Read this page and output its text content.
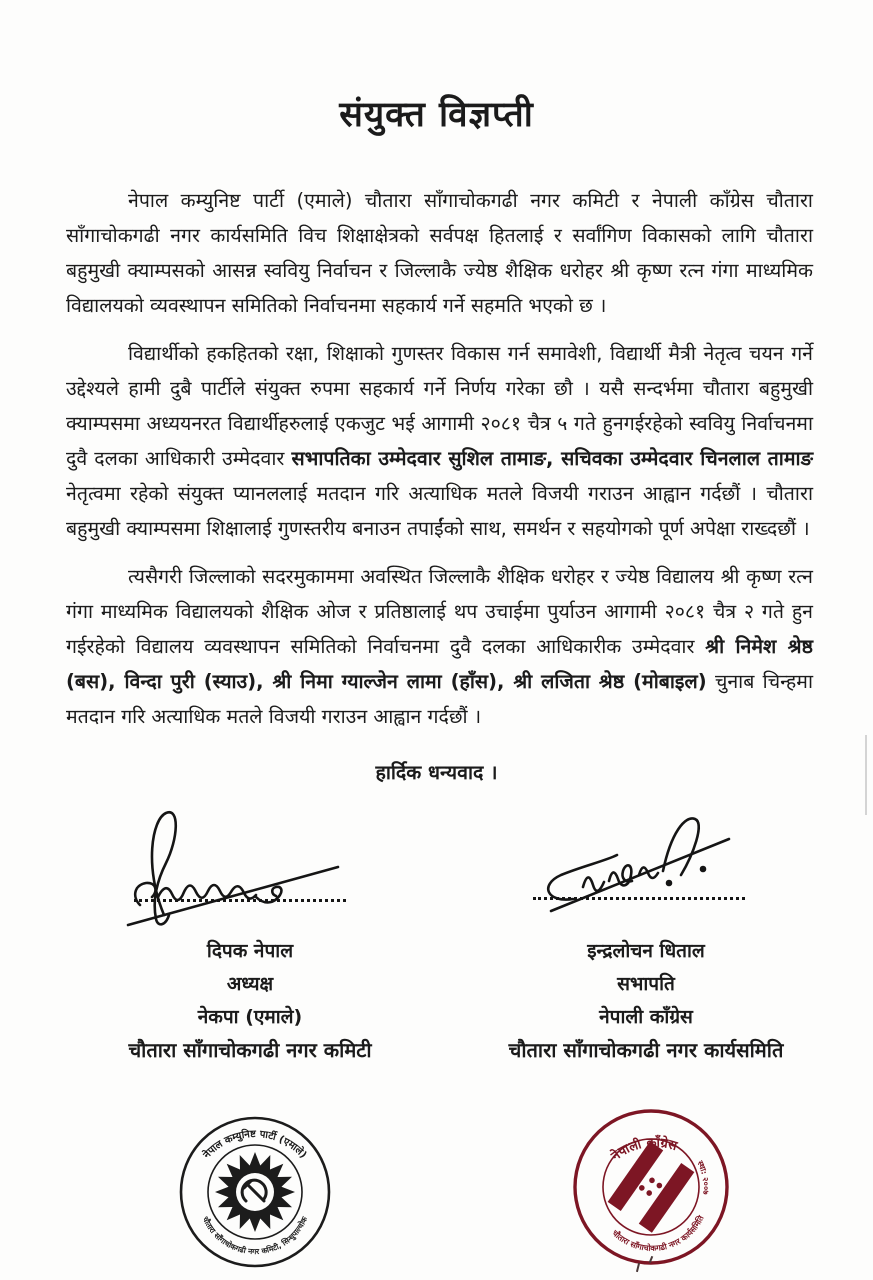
संयुक्त विज्ञप्ती

नेपाल कम्युनिष्ट पार्टी (एमाले) चौतारा साँगाचोकगढी नगर कमिटी र नेपाली काँग्रेस चौतारा साँगाचोकगढी नगर कार्यसमिति विच शिक्षाक्षेत्रको सर्वपक्ष हितलाई र सर्वांगिण विकासको लागि चौतारा बहुमुखी क्याम्पसको आसन्न स्ववियु निर्वाचन र जिल्लाकै ज्येष्ठ शैक्षिक धरोहर श्री कृष्ण रत्न गंगा माध्यमिक विद्यालयको व्यवस्थापन समितिको निर्वाचनमा सहकार्य गर्ने सहमति भएको छ ।

विद्यार्थीको हकहितको रक्षा, शिक्षाको गुणस्तर विकास गर्न समावेशी, विद्यार्थी मैत्री नेतृत्व चयन गर्ने उद्देश्यले हामी दुबै पार्टीले संयुक्त रुपमा सहकार्य गर्ने निर्णय गरेका छौ । यसै सन्दर्भमा चौतारा बहुमुखी क्याम्पसमा अध्ययनरत विद्यार्थीहरुलाई एकजुट भई आगामी २०८१ चैत्र ५ गते हुनगईरहेको स्ववियु निर्वाचनमा दुवै दलका आधिकारी उम्मेदवार सभापतिका उम्मेदवार सुशिल तामाङ, सचिवका उम्मेदवार चिनलाल तामाङ नेतृत्वमा रहेको संयुक्त प्यानललाई मतदान गरि अत्याधिक मतले विजयी गराउन आह्वान गर्दछौं । चौतारा बहुमुखी क्याम्पसमा शिक्षालाई गुणस्तरीय बनाउन तपाईंको साथ, समर्थन र सहयोगको पूर्ण अपेक्षा राख्दछौं ।

त्यसैगरी जिल्लाको सदरमुकाममा अवस्थित जिल्लाकै शैक्षिक धरोहर र ज्येष्ठ विद्यालय श्री कृष्ण रत्न गंगा माध्यमिक विद्यालयको शैक्षिक ओज र प्रतिष्ठालाई थप उचाईमा पुर्याउन आगामी २०८१ चैत्र २ गते हुन गईरहेको विद्यालय व्यवस्थापन समितिको निर्वाचनमा दुवै दलका आधिकारीक उम्मेदवार श्री निमेश श्रेष्ठ (बस), विन्दा पुरी (स्याउ), श्री निमा ग्याल्जेन लामा (हाँस), श्री लजिता श्रेष्ठ (मोबाइल) चुनाब चिन्हमा मतदान गरि अत्याधिक मतले विजयी गराउन आह्वान गर्दछौं ।

हार्दिक धन्यवाद ।
दिपक नेपाल
अध्यक्ष
नेकपा (एमाले)
चौतारा साँगाचोकगढी नगर कमिटी
इन्द्रलोचन धिताल
सभापति
नेपाली काँग्रेस
चौतारा साँगाचोकगढी नगर कार्यसमिति
नेपाल कम्युनिष्ट पार्टी (एमाले)
चौतारा साँगाचोकगढी नगर कमिटी, सिन्धुपाल्चोक
नेपाली काँग्रेस
चौतारा साँगाचोकगढी नगर कार्यसमिति
स्था: २००७
